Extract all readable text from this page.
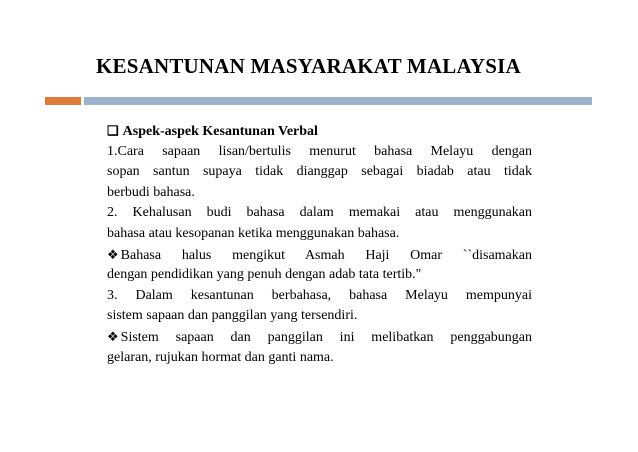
KESANTUNAN MASYARAKAT MALAYSIA
❑ Aspek-aspek Kesantunan Verbal
1.Cara sapaan lisan/bertulis menurut bahasa Melayu dengan
sopan santun supaya tidak dianggap sebagai biadab atau tidak
berbudi bahasa.
2. Kehalusan budi bahasa dalam memakai atau menggunakan
bahasa atau kesopanan ketika menggunakan bahasa.
❖ Bahasa halus mengikut Asmah Haji Omar ``disamakan
dengan pendidikan yang penuh dengan adab tata tertib."
3. Dalam kesantunan berbahasa, bahasa Melayu mempunyai
sistem sapaan dan panggilan yang tersendiri.
❖ Sistem sapaan dan panggilan ini melibatkan penggabungan
gelaran, rujukan hormat dan ganti nama.
